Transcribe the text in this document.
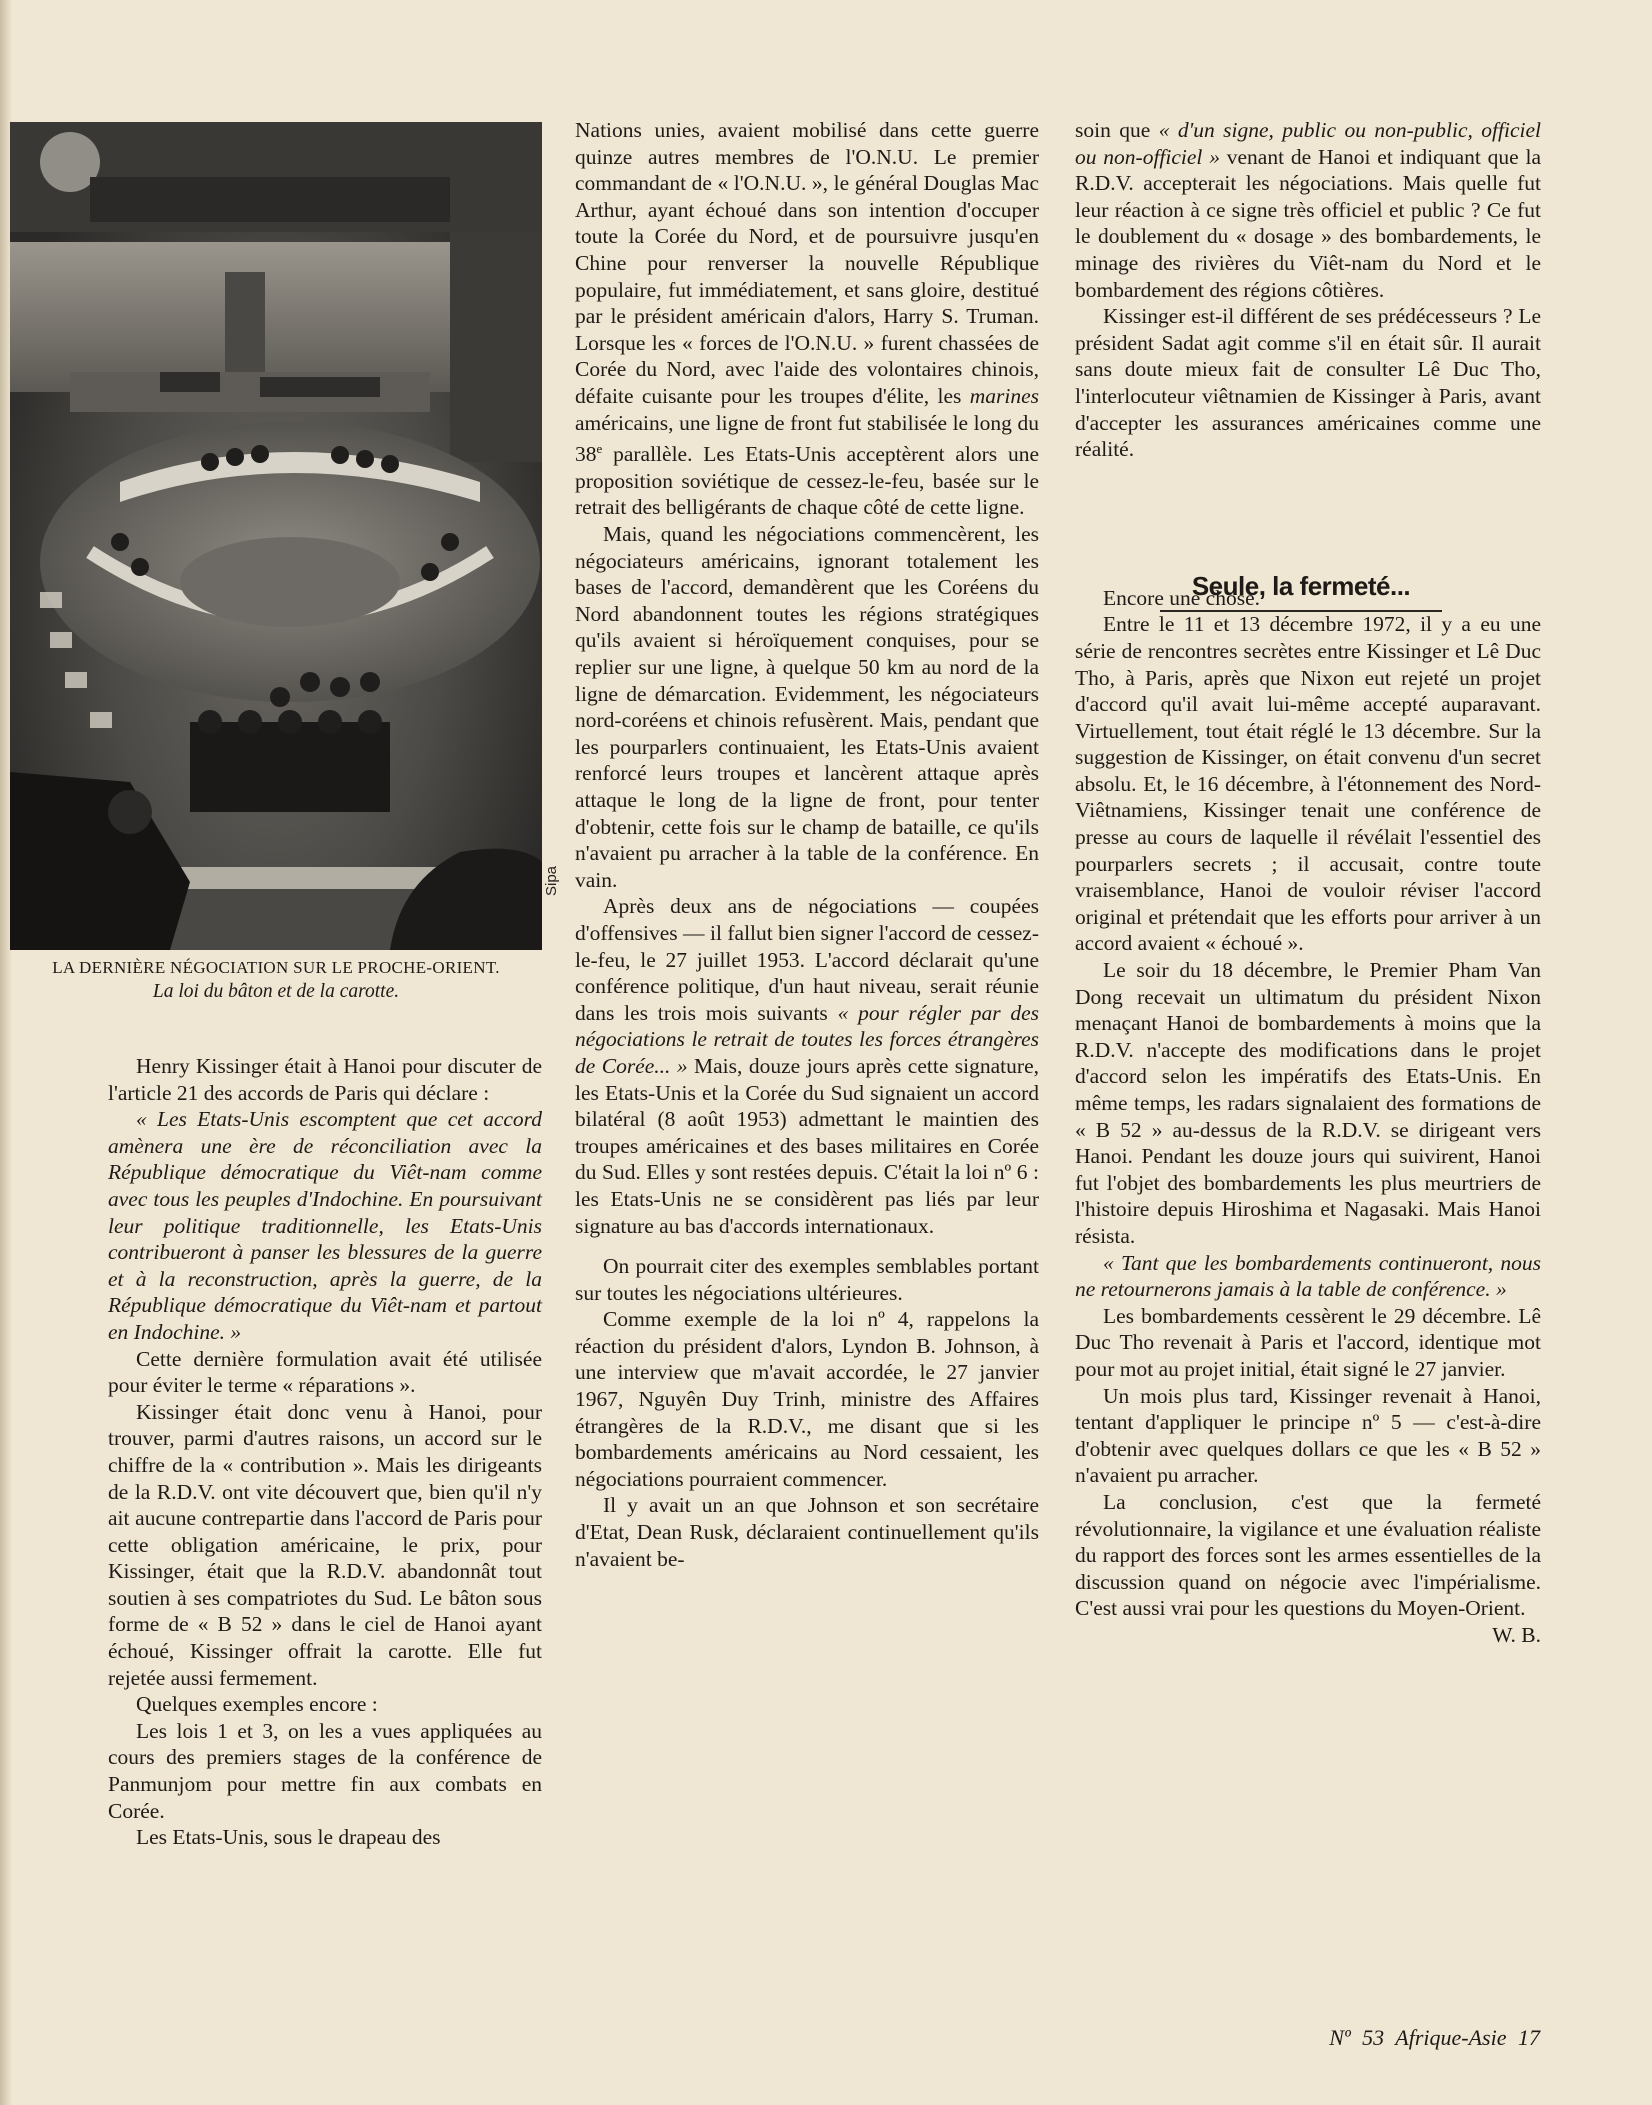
Sipa
LA DERNIÈRE NÉGOCIATION SUR LE PROCHE-ORIENT.
La loi du bâton et de la carotte.

Henry Kissinger était à Hanoi pour discuter de l'article 21 des accords de Paris qui déclare :

« Les Etats-Unis escomptent que cet accord amènera une ère de réconciliation avec la République démocratique du Viêt-nam comme avec tous les peuples d'Indochine. En poursuivant leur politique traditionnelle, les Etats-Unis contribueront à panser les blessures de la guerre et à la reconstruction, après la guerre, de la République démocratique du Viêt-nam et partout en Indochine. »

Cette dernière formulation avait été utilisée pour éviter le terme « réparations ».

Kissinger était donc venu à Hanoi, pour trouver, parmi d'autres raisons, un accord sur le chiffre de la « contribution ». Mais les dirigeants de la R.D.V. ont vite découvert que, bien qu'il n'y ait aucune contrepartie dans l'accord de Paris pour cette obligation américaine, le prix, pour Kissinger, était que la R.D.V. abandonnât tout soutien à ses compatriotes du Sud. Le bâton sous forme de « B 52 » dans le ciel de Hanoi ayant échoué, Kissinger offrait la carotte. Elle fut rejetée aussi fermement.

Quelques exemples encore :

Les lois 1 et 3, on les a vues appliquées au cours des premiers stages de la conférence de Panmunjom pour mettre fin aux combats en Corée.

Les Etats-Unis, sous le drapeau des

Nations unies, avaient mobilisé dans cette guerre quinze autres membres de l'O.N.U. Le premier commandant de « l'O.N.U. », le général Douglas Mac Arthur, ayant échoué dans son intention d'occuper toute la Corée du Nord, et de poursuivre jusqu'en Chine pour renverser la nouvelle République populaire, fut immédiatement, et sans gloire, destitué par le président américain d'alors, Harry S. Truman. Lorsque les « forces de l'O.N.U. » furent chassées de Corée du Nord, avec l'aide des volontaires chinois, défaite cuisante pour les troupes d'élite, les marines américains, une ligne de front fut stabilisée le long du 38e parallèle. Les Etats-Unis acceptèrent alors une proposition soviétique de cessez-le-feu, basée sur le retrait des belligérants de chaque côté de cette ligne.

Mais, quand les négociations commencèrent, les négociateurs américains, ignorant totalement les bases de l'accord, demandèrent que les Coréens du Nord abandonnent toutes les régions stratégiques qu'ils avaient si héroïquement conquises, pour se replier sur une ligne, à quelque 50 km au nord de la ligne de démarcation. Evidemment, les négociateurs nord-coréens et chinois refusèrent. Mais, pendant que les pourparlers continuaient, les Etats-Unis avaient renforcé leurs troupes et lancèrent attaque après attaque le long de la ligne de front, pour tenter d'obtenir, cette fois sur le champ de bataille, ce qu'ils n'avaient pu arracher à la table de la conférence. En vain.

Après deux ans de négociations — coupées d'offensives — il fallut bien signer l'accord de cessez-le-feu, le 27 juillet 1953. L'accord déclarait qu'une conférence politique, d'un haut niveau, serait réunie dans les trois mois suivants « pour régler par des négociations le retrait de toutes les forces étrangères de Corée... » Mais, douze jours après cette signature, les Etats-Unis et la Corée du Sud signaient un accord bilatéral (8 août 1953) admettant le maintien des troupes américaines et des bases militaires en Corée du Sud. Elles y sont restées depuis. C'était la loi nº 6 : les Etats-Unis ne se considèrent pas liés par leur signature au bas d'accords internationaux.

On pourrait citer des exemples semblables portant sur toutes les négociations ultérieures.

Comme exemple de la loi nº 4, rappelons la réaction du président d'alors, Lyndon B. Johnson, à une interview que m'avait accordée, le 27 janvier 1967, Nguyên Duy Trinh, ministre des Affaires étrangères de la R.D.V., me disant que si les bombardements américains au Nord cessaient, les négociations pourraient commencer.

Il y avait un an que Johnson et son secrétaire d'Etat, Dean Rusk, déclaraient continuellement qu'ils n'avaient be-

soin que « d'un signe, public ou non-public, officiel ou non-officiel » venant de Hanoi et indiquant que la R.D.V. accepterait les négociations. Mais quelle fut leur réaction à ce signe très officiel et public ? Ce fut le doublement du « dosage » des bombardements, le minage des rivières du Viêt-nam du Nord et le bombardement des régions côtières.

Kissinger est-il différent de ses prédécesseurs ? Le président Sadat agit comme s'il en était sûr. Il aurait sans doute mieux fait de consulter Lê Duc Tho, l'interlocuteur viêtnamien de Kissinger à Paris, avant d'accepter les assurances américaines comme une réalité.

Encore une chose.

Entre le 11 et 13 décembre 1972, il y a eu une série de rencontres secrètes entre Kissinger et Lê Duc Tho, à Paris, après que Nixon eut rejeté un projet d'accord qu'il avait lui-même accepté auparavant. Virtuellement, tout était réglé le 13 décembre. Sur la suggestion de Kissinger, on était convenu d'un secret absolu. Et, le 16 décembre, à l'étonnement des Nord-Viêtnamiens, Kissinger tenait une conférence de presse au cours de laquelle il révélait l'essentiel des pourparlers secrets ; il accusait, contre toute vraisemblance, Hanoi de vouloir réviser l'accord original et prétendait que les efforts pour arriver à un accord avaient « échoué ».

Le soir du 18 décembre, le Premier Pham Van Dong recevait un ultimatum du président Nixon menaçant Hanoi de bombardements à moins que la R.D.V. n'accepte des modifications dans le projet d'accord selon les impératifs des Etats-Unis. En même temps, les radars signalaient des formations de « B 52 » au-dessus de la R.D.V. se dirigeant vers Hanoi. Pendant les douze jours qui suivirent, Hanoi fut l'objet des bombardements les plus meurtriers de l'histoire depuis Hiroshima et Nagasaki. Mais Hanoi résista.

« Tant que les bombardements continueront, nous ne retournerons jamais à la table de conférence. »

Les bombardements cessèrent le 29 décembre. Lê Duc Tho revenait à Paris et l'accord, identique mot pour mot au projet initial, était signé le 27 janvier.

Un mois plus tard, Kissinger revenait à Hanoi, tentant d'appliquer le principe nº 5 — c'est-à-dire d'obtenir avec quelques dollars ce que les « B 52 » n'avaient pu arracher.

La conclusion, c'est que la fermeté révolutionnaire, la vigilance et une évaluation réaliste du rapport des forces sont les armes essentielles de la discussion quand on négocie avec l'impérialisme. C'est aussi vrai pour les questions du Moyen-Orient.
W. B.

Seule, la fermeté...
Nº 53 Afrique-Asie 17
